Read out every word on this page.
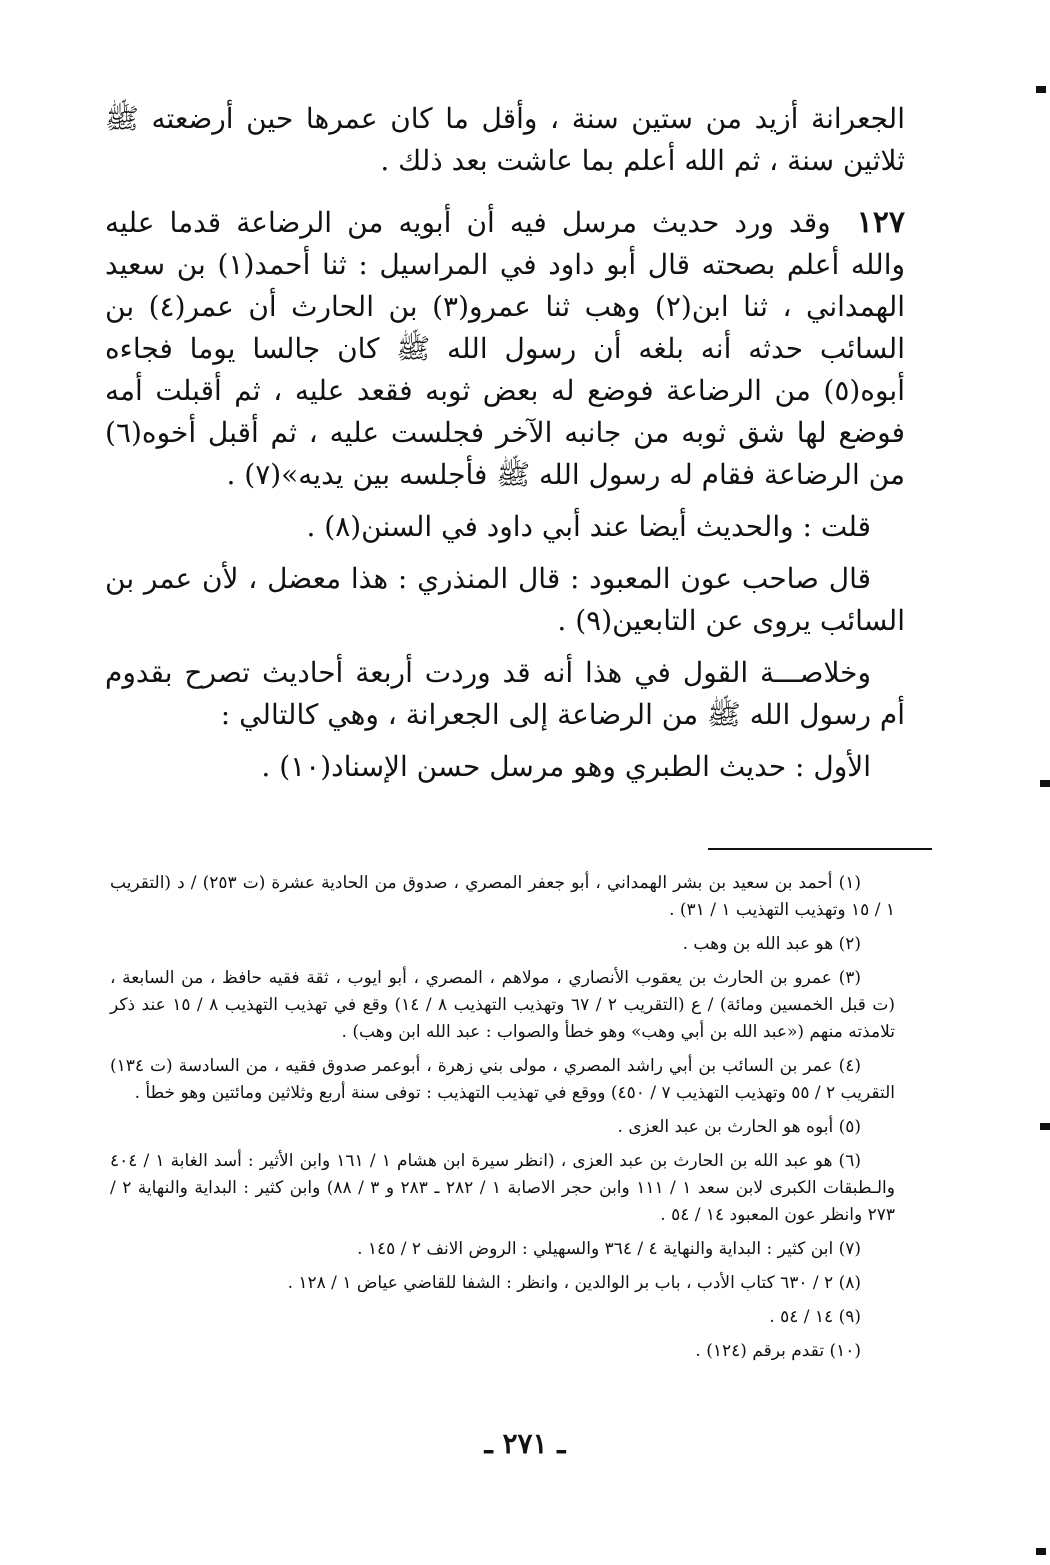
الجعرانة أزيد من ستين سنة ، وأقل ما كان عمرها حين أرضعته ﷺ ثلاثين سنة ، ثم الله أعلم بما عاشت بعد ذلك .

١٢٧وقد ورد حديث مرسل فيه أن أبويه من الرضاعة قدما عليه والله أعلم بصحته قال أبو داود في المراسيل : ثنا أحمد(١) بن سعيد الهمداني ، ثنا ابن(٢) وهب ثنا عمرو(٣) بن الحارث أن عمر(٤) بن السائب حدثه أنه بلغه أن رسول الله ﷺ كان جالسا يوما فجاءه أبوه(٥) من الرضاعة فوضع له بعض ثوبه فقعد عليه ، ثم أقبلت أمه فوضع لها شق ثوبه من جانبه الآخر فجلست عليه ، ثم أقبل أخوه(٦) من الرضاعة فقام له رسول الله ﷺ فأجلسه بين يديه»(٧) .

قلت : والحديث أيضا عند أبي داود في السنن(٨) .

قال صاحب عون المعبود : قال المنذري : هذا معضل ، لأن عمر بن السائب يروى عن التابعين(٩) .

وخلاصـــة القول في هذا أنه قد وردت أربعة أحاديث تصرح بقدوم أم رسول الله ﷺ من الرضاعة إلى الجعرانة ، وهي كالتالي :

الأول : حديث الطبري وهو مرسل حسن الإسناد(١٠) .

(١) أحمد بن سعيد بن بشر الهمداني ، أبو جعفر المصري ، صدوق من الحادية عشرة (ت ٢٥٣) / د (التقريب ١ / ١٥ وتهذيب التهذيب ١ / ٣١) .

(٢) هو عبد الله بن وهب .

(٣) عمرو بن الحارث بن يعقوب الأنصاري ، مولاهم ، المصري ، أبو ايوب ، ثقة فقيه حافظ ، من السابعة ، (ت قبل الخمسين ومائة) / ع (التقريب ٢ / ٦٧ وتهذيب التهذيب ٨ / ١٤) وقع في تهذيب التهذيب ٨ / ١٥ عند ذكر تلامذته منهم («عبد الله بن أبي وهب» وهو خطأ والصواب : عبد الله ابن وهب) .

(٤) عمر بن السائب بن أبي راشد المصري ، مولى بني زهرة ، أبوعمر صدوق فقيه ، من السادسة (ت ١٣٤) التقريب ٢ / ٥٥ وتهذيب التهذيب ٧ / ٤٥٠) ووقع في تهذيب التهذيب : توفى سنة أربع وثلاثين ومائتين وهو خطأ .

(٥) أبوه هو الحارث بن عبد العزى .

(٦) هو عبد الله بن الحارث بن عبد العزى ، (انظر سيرة ابن هشام ١ / ١٦١ وابن الأثير : أسد الغابة ١ / ٤٠٤ والـطبقات الكبرى لابن سعد ١ / ١١١ وابن حجر الاصابة ١ / ٢٨٢ ـ ٢٨٣ و ٣ / ٨٨) وابن كثير : البداية والنهاية ٢ / ٢٧٣ وانظر عون المعبود ١٤ / ٥٤ .

(٧) ابن كثير : البداية والنهاية ٤ / ٣٦٤ والسهيلي : الروض الانف ٢ / ١٤٥ .

(٨) ٢ / ٦٣٠ كتاب الأدب ، باب بر الوالدين ، وانظر : الشفا للقاضي عياض ١ / ١٢٨ .

(٩) ١٤ / ٥٤ .

(١٠) تقدم برقم (١٢٤) .

ـ ٢٧١ ـ
